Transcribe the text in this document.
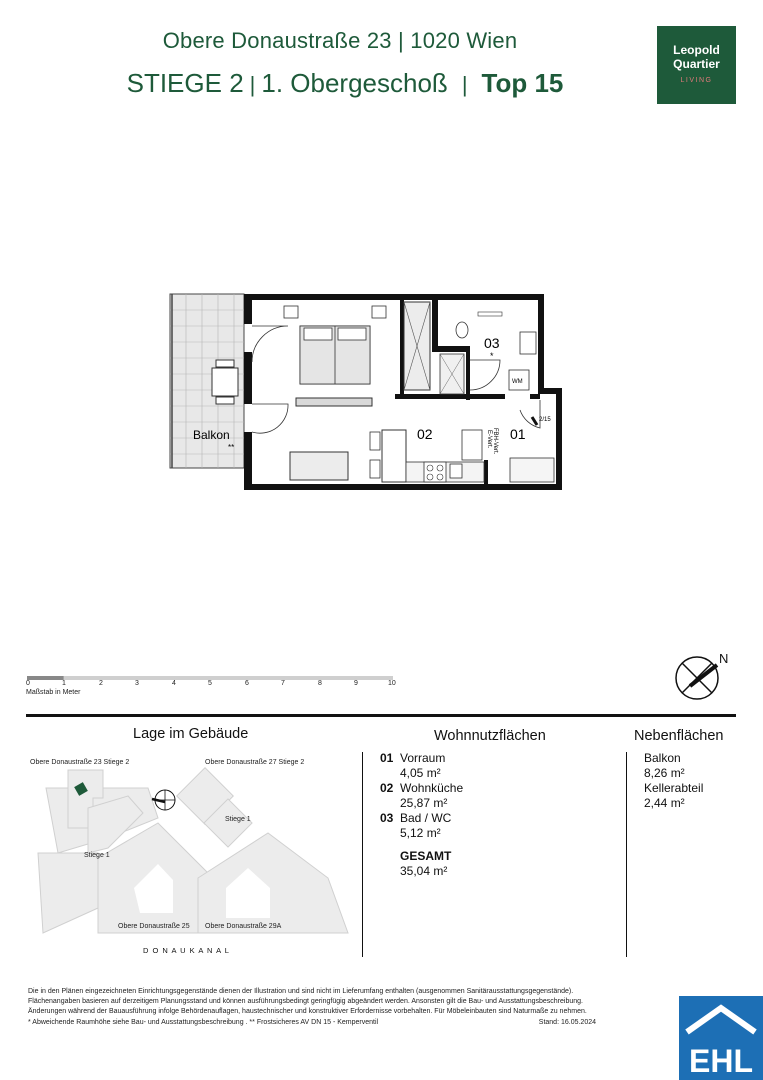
Obere Donaustraße 23 | 1020 Wien
STIEGE 2 | 1. Obergeschoß | Top 15
Leopold
Quartier
LIVING
Balkon
**
02	01
03
*
WM
2/15
FBH-Vert.
E-Vert.
0	1	2	3	4	5	6	7	8	9	10
Maßstab in Meter
N
Lage im Gebäude	Wohnnutzflächen	Nebenflächen
Obere Donaustraße 23 Stiege 2	Obere Donaustraße 27 Stiege 2
Stiege 1
Stiege 1
Obere Donaustraße 25 Obere Donaustraße 29A
D O N A U K A N A L
01 Vorraum
4,05 m²
02 Wohnküche
25,87 m²
03 Bad / WC
5,12 m²
GESAMT
35,04 m²
Balkon
8,26 m²
Kellerabteil
2,44 m²
Die in den Plänen eingezeichneten Einrichtungsgegenstände dienen der Illustration und sind nicht im Lieferumfang enthalten (ausgenommen Sanitärausstattungsgegenstände).
Flächenangaben basieren auf derzeitigem Planungsstand und können ausführungsbedingt geringfügig abgeändert werden. Ansonsten gilt die Bau- und Ausstattungsbeschreibung.
Änderungen während der Bauausführung infolge Behördenauflagen, haustechnischer und konstruktiver Erfordernisse vorbehalten. Für Möbeleinbauten sind Naturmaße zu nehmen.
* Abweichende Raumhöhe siehe Bau- und Ausstattungsbeschreibung . ** Frostsicheres AV DN 15 - Kemperventil	Stand: 16.05.2024
EHL
